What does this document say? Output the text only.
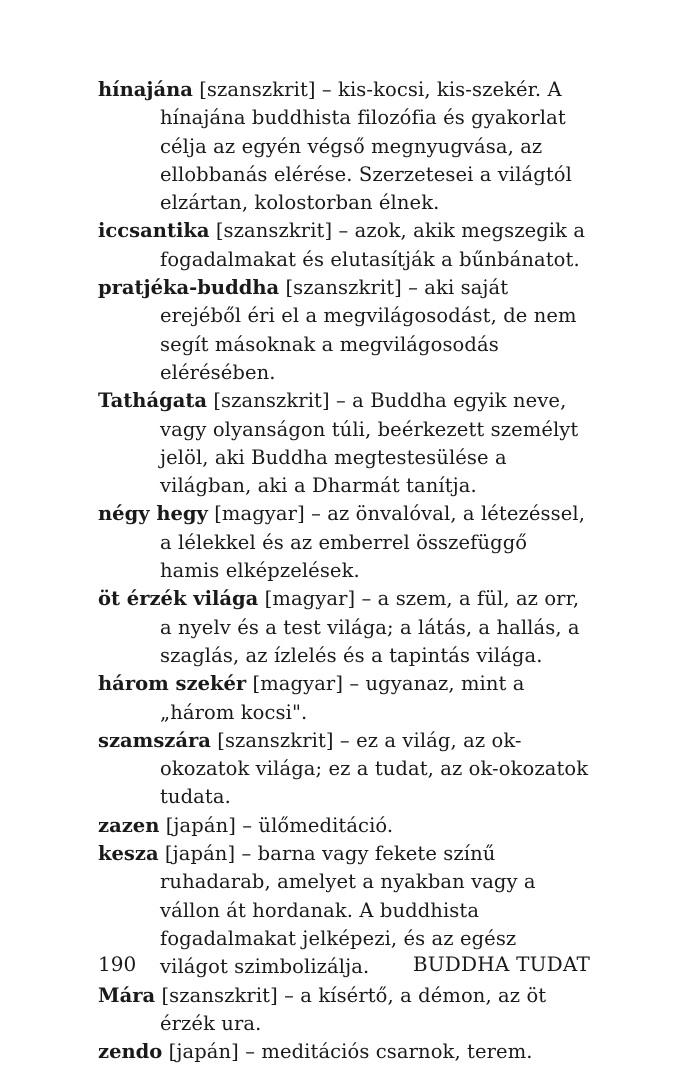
hínajána [szanszkrit] – kis-kocsi, kis-szekér. A hínajána buddhista filozófia és gyakorlat célja az egyén végső megnyugvása, az ellobbanás elérése. Szerzetesei a világtól elzártan, kolostorban élnek.

iccsantika [szanszkrit] – azok, akik megszegik a fogadalmakat és elutasítják a bűnbánatot.

pratjéka-buddha [szanszkrit] – aki saját erejéből éri el a megvilágosodást, de nem segít másoknak a megvilágosodás elérésében.

Tathágata [szanszkrit] – a Buddha egyik neve, vagy olyanságon túli, beérkezett személyt jelöl, aki Buddha megtestesülése a világban, aki a Dharmát tanítja.

négy hegy [magyar] – az önvalóval, a létezéssel, a lélekkel és az emberrel összefüggő hamis elképzelések.

öt érzék világa [magyar] – a szem, a fül, az orr, a nyelv és a test világa; a látás, a hallás, a szaglás, az ízlelés és a tapintás világa.

három szekér [magyar] – ugyanaz, mint a „három kocsi".

szamszára [szanszkrit] – ez a világ, az ok-okozatok világa; ez a tudat, az ok-okozatok tudata.

zazen [japán] – ülőmeditáció.

kesza [japán] – barna vagy fekete színű ruhadarab, amelyet a nyakban vagy a vállon át hordanak. A buddhista fogadalmakat jelképezi, és az egész világot szimbolizálja.

Mára [szanszkrit] – a kísértő, a démon, az öt érzék ura.

zendo [japán] – meditációs csarnok, terem.

190	BUDDHA TUDAT
